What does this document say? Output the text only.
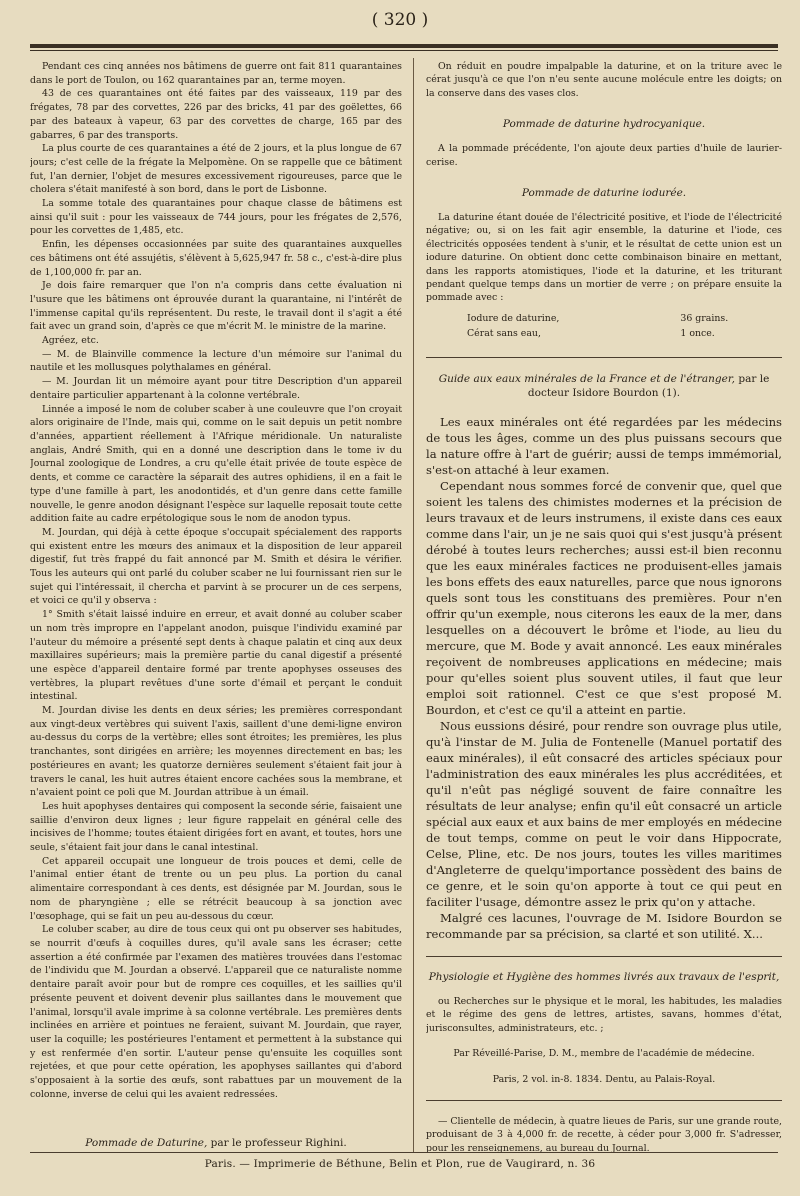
( 320 )

Pendant ces cinq années nos bâtimens de guerre ont fait 811 quarantaines dans le port de Toulon, ou 162 quarantaines par an, terme moyen.

43 de ces quarantaines ont été faites par des vaisseaux, 119 par des frégates, 78 par des corvettes, 226 par des bricks, 41 par des goëlettes, 66 par des bateaux à vapeur, 63 par des corvettes de charge, 165 par des gabarres, 6 par des transports.

La plus courte de ces quarantaines a été de 2 jours, et la plus longue de 67 jours; c'est celle de la frégate la Melpomène. On se rappelle que ce bâtiment fut, l'an dernier, l'objet de mesures excessivement rigoureuses, parce que le cholera s'était manifesté à son bord, dans le port de Lisbonne.

La somme totale des quarantaines pour chaque classe de bâtimens est ainsi qu'il suit : pour les vaisseaux de 744 jours, pour les frégates de 2,576, pour les corvettes de 1,485, etc.

Enfin, les dépenses occasionnées par suite des quarantaines auxquelles ces bâtimens ont été assujétis, s'élèvent à 5,625,947 fr. 58 c., c'est-à-dire plus de 1,100,000 fr. par an.

Je dois faire remarquer que l'on n'a compris dans cette évaluation ni l'usure que les bâtimens ont éprouvée durant la quarantaine, ni l'intérêt de l'immense capital qu'ils représentent. Du reste, le travail dont il s'agit a été fait avec un grand soin, d'après ce que m'écrit M. le ministre de la marine.

Agréez, etc.

— M. de Blainville commence la lecture d'un mémoire sur l'animal du nautile et les mollusques polythalames en général.

— M. Jourdan lit un mémoire ayant pour titre Description d'un appareil dentaire particulier appartenant à la colonne vertébrale.

Linnée a imposé le nom de coluber scaber à une couleuvre que l'on croyait alors originaire de l'Inde, mais qui, comme on le sait depuis un petit nombre d'années, appartient réellement à l'Afrique méridionale. Un naturaliste anglais, André Smith, qui en a donné une description dans le tome iv du Journal zoologique de Londres, a cru qu'elle était privée de toute espèce de dents, et comme ce caractère la séparait des autres ophidiens, il en a fait le type d'une famille à part, les anodontidés, et d'un genre dans cette famille nouvelle, le genre anodon désignant l'espèce sur laquelle reposait toute cette addition faite au cadre erpétologique sous le nom de anodon typus.

M. Jourdan, qui déjà à cette époque s'occupait spécialement des rapports qui existent entre les mœurs des animaux et la disposition de leur appareil digestif, fut très frappé du fait annoncé par M. Smith et désira le vérifier. Tous les auteurs qui ont parlé du coluber scaber ne lui fournissant rien sur le sujet qui l'intéressait, il chercha et parvint à se procurer un de ces serpens, et voici ce qu'il y observa :

1° Smith s'était laissé induire en erreur, et avait donné au coluber scaber un nom très impropre en l'appelant anodon, puisque l'individu examiné par l'auteur du mémoire a présenté sept dents à chaque palatin et cinq aux deux maxillaires supérieurs; mais la première partie du canal digestif a présenté une espèce d'appareil dentaire formé par trente apophyses osseuses des vertèbres, la plupart revêtues d'une sorte d'émail et perçant le conduit intestinal.

M. Jourdan divise les dents en deux séries; les premières correspondant aux vingt-deux vertèbres qui suivent l'axis, saillent d'une demi-ligne environ au-dessus du corps de la vertèbre; elles sont étroites; les premières, les plus tranchantes, sont dirigées en arrière; les moyennes directement en bas; les postérieures en avant; les quatorze dernières seulement s'étaient fait jour à travers le canal, les huit autres étaient encore cachées sous la membrane, et n'avaient point ce poli que M. Jourdan attribue à un émail.

Les huit apophyses dentaires qui composent la seconde série, faisaient une saillie d'environ deux lignes ; leur figure rappelait en général celle des incisives de l'homme; toutes étaient dirigées fort en avant, et toutes, hors une seule, s'étaient fait jour dans le canal intestinal.

Cet appareil occupait une longueur de trois pouces et demi, celle de l'animal entier étant de trente ou un peu plus. La portion du canal alimentaire correspondant à ces dents, est désignée par M. Jourdan, sous le nom de pharyngiène ; elle se rétrécit beaucoup à sa jonction avec l'œsophage, qui se fait un peu au-dessous du cœur.

Le coluber scaber, au dire de tous ceux qui ont pu observer ses habitudes, se nourrit d'œufs à coquilles dures, qu'il avale sans les écraser; cette assertion a été confirmée par l'examen des matières trouvées dans l'estomac de l'individu que M. Jourdan a observé. L'appareil que ce naturaliste nomme dentaire paraît avoir pour but de rompre ces coquilles, et les saillies qu'il présente peuvent et doivent devenir plus saillantes dans le mouvement que l'animal, lorsqu'il avale imprime à sa colonne vertébrale. Les premières dents inclinées en arrière et pointues ne feraient, suivant M. Jourdain, que rayer, user la coquille; les postérieures l'entament et permettent à la substance qui y est renfermée d'en sortir. L'auteur pense qu'ensuite les coquilles sont rejetées, et que pour cette opération, les apophyses saillantes qui d'abord s'opposaient à la sortie des œufs, sont rabattues par un mouvement de la colonne, inverse de celui qui les avaient redressées.

Pommade de Daturine, par le professeur Righini.

On réduit en poudre impalpable la daturine, et on la triture avec le cérat jusqu'à ce que l'on n'eu sente aucune molécule entre les doigts; on la conserve dans des vases clos.

Pommade de daturine hydrocyanique.

A la pommade précédente, l'on ajoute deux parties d'huile de laurier-cerise.

Pommade de daturine iodurée.

La daturine étant douée de l'électricité positive, et l'iode de l'électricité négative; ou, si on les fait agir ensemble, la daturine et l'iode, ces électricités opposées tendent à s'unir, et le résultat de cette union est un iodure daturine. On obtient donc cette combinaison binaire en mettant, dans les rapports atomistiques, l'iode et la daturine, et les triturant pendant quelque temps dans un mortier de verre ; on prépare ensuite la pommade avec :

Iodure de daturine,	36 grains.
Cérat sans eau,	1 once.
Guide aux eaux minérales de la France et de l'étranger, par le docteur Isidore Bourdon (1).

Les eaux minérales ont été regardées par les médecins de tous les âges, comme un des plus puissans secours que la nature offre à l'art de guérir; aussi de temps immémorial, s'est-on attaché à leur examen.

Cependant nous sommes forcé de convenir que, quel que soient les talens des chimistes modernes et la précision de leurs travaux et de leurs instrumens, il existe dans ces eaux comme dans l'air, un je ne sais quoi qui s'est jusqu'à présent dérobé à toutes leurs recherches; aussi est-il bien reconnu que les eaux minérales factices ne produisent-elles jamais les bons effets des eaux naturelles, parce que nous ignorons quels sont tous les constituans des premières. Pour n'en offrir qu'un exemple, nous citerons les eaux de la mer, dans lesquelles on a découvert le brôme et l'iode, au lieu du mercure, que M. Bode y avait annoncé. Les eaux minérales reçoivent de nombreuses applications en médecine; mais pour qu'elles soient plus souvent utiles, il faut que leur emploi soit rationnel. C'est ce que s'est proposé M. Bourdon, et c'est ce qu'il a atteint en partie.

Nous eussions désiré, pour rendre son ouvrage plus utile, qu'à l'instar de M. Julia de Fontenelle (Manuel portatif des eaux minérales), il eût consacré des articles spéciaux pour l'administration des eaux minérales les plus accréditées, et qu'il n'eût pas négligé souvent de faire connaître les résultats de leur analyse; enfin qu'il eût consacré un article spécial aux eaux et aux bains de mer employés en médecine de tout temps, comme on peut le voir dans Hippocrate, Celse, Pline, etc. De nos jours, toutes les villes maritimes d'Angleterre de quelqu'importance possèdent des bains de ce genre, et le soin qu'on apporte à tout ce qui peut en faciliter l'usage, démontre assez le prix qu'on y attache.

Malgré ces lacunes, l'ouvrage de M. Isidore Bourdon se recommande par sa précision, sa clarté et son utilité. X...

Physiologie et Hygiène des hommes livrés aux travaux de l'esprit,

ou Recherches sur le physique et le moral, les habitudes, les maladies et le régime des gens de lettres, artistes, savans, hommes d'état, jurisconsultes, administrateurs, etc. ;

Par Réveillé-Parise, D. M., membre de l'académie de médecine.

Paris, 2 vol. in-8. 1834. Dentu, au Palais-Royal.

— Clientelle de médecin, à quatre lieues de Paris, sur une grande route, produisant de 3 à 4,000 fr. de recette, à céder pour 3,000 fr. S'adresser, pour les renseignemens, au bureau du Journal.

Paris. — Imprimerie de Béthune, Belin et Plon, rue de Vaugirard, n. 36
